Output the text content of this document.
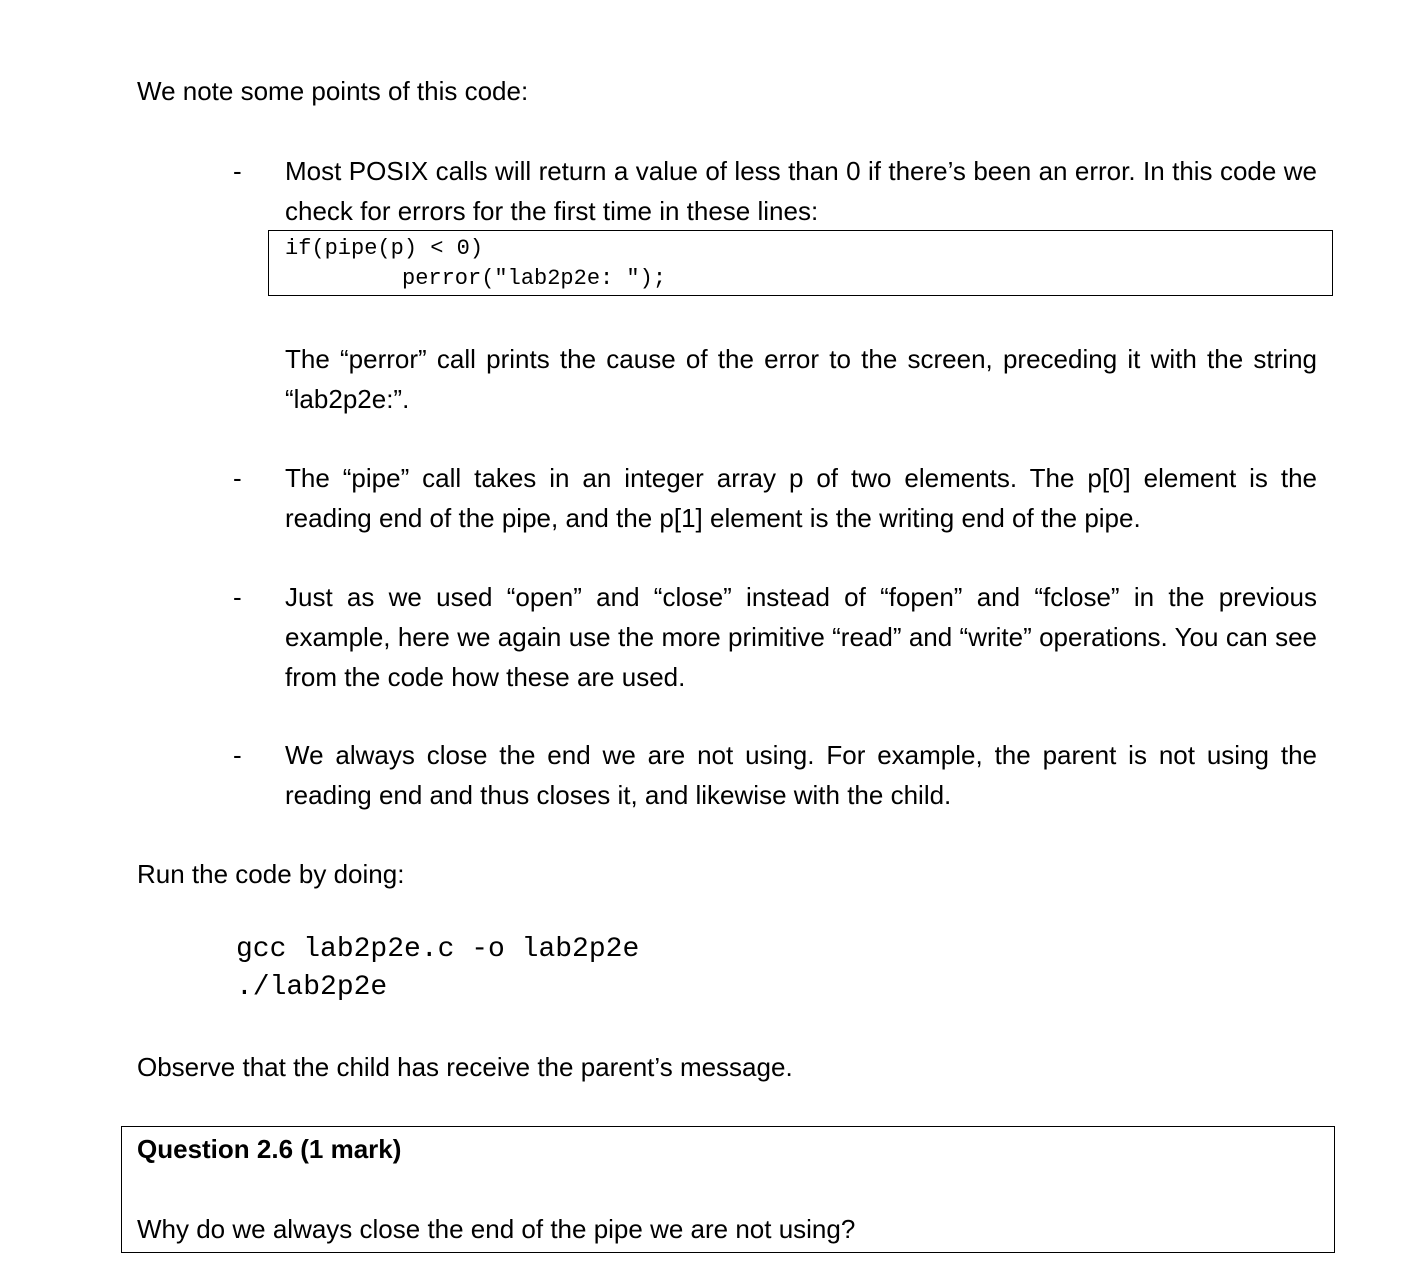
We note some points of this code:

- Most POSIX calls will return a value of less than 0 if there’s been an error. In this code we check for errors for the first time in these lines:

if(pipe(p) < 0)
perror("lab2p2e: ");

The “perror” call prints the cause of the error to the screen, preceding it with the string “lab2p2e:”.

- The “pipe” call takes in an integer array p of two elements. The p[0] element is the reading end of the pipe, and the p[1] element is the writing end of the pipe.

- Just as we used “open” and “close” instead of “fopen” and “fclose” in the previous example, here we again use the more primitive “read” and “write” operations. You can see from the code how these are used.

- We always close the end we are not using. For example, the parent is not using the reading end and thus closes it, and likewise with the child.

Run the code by doing:

gcc lab2p2e.c -o lab2p2e
./lab2p2e

Observe that the child has receive the parent’s message.

Question 2.6 (1 mark)
Why do we always close the end of the pipe we are not using?
